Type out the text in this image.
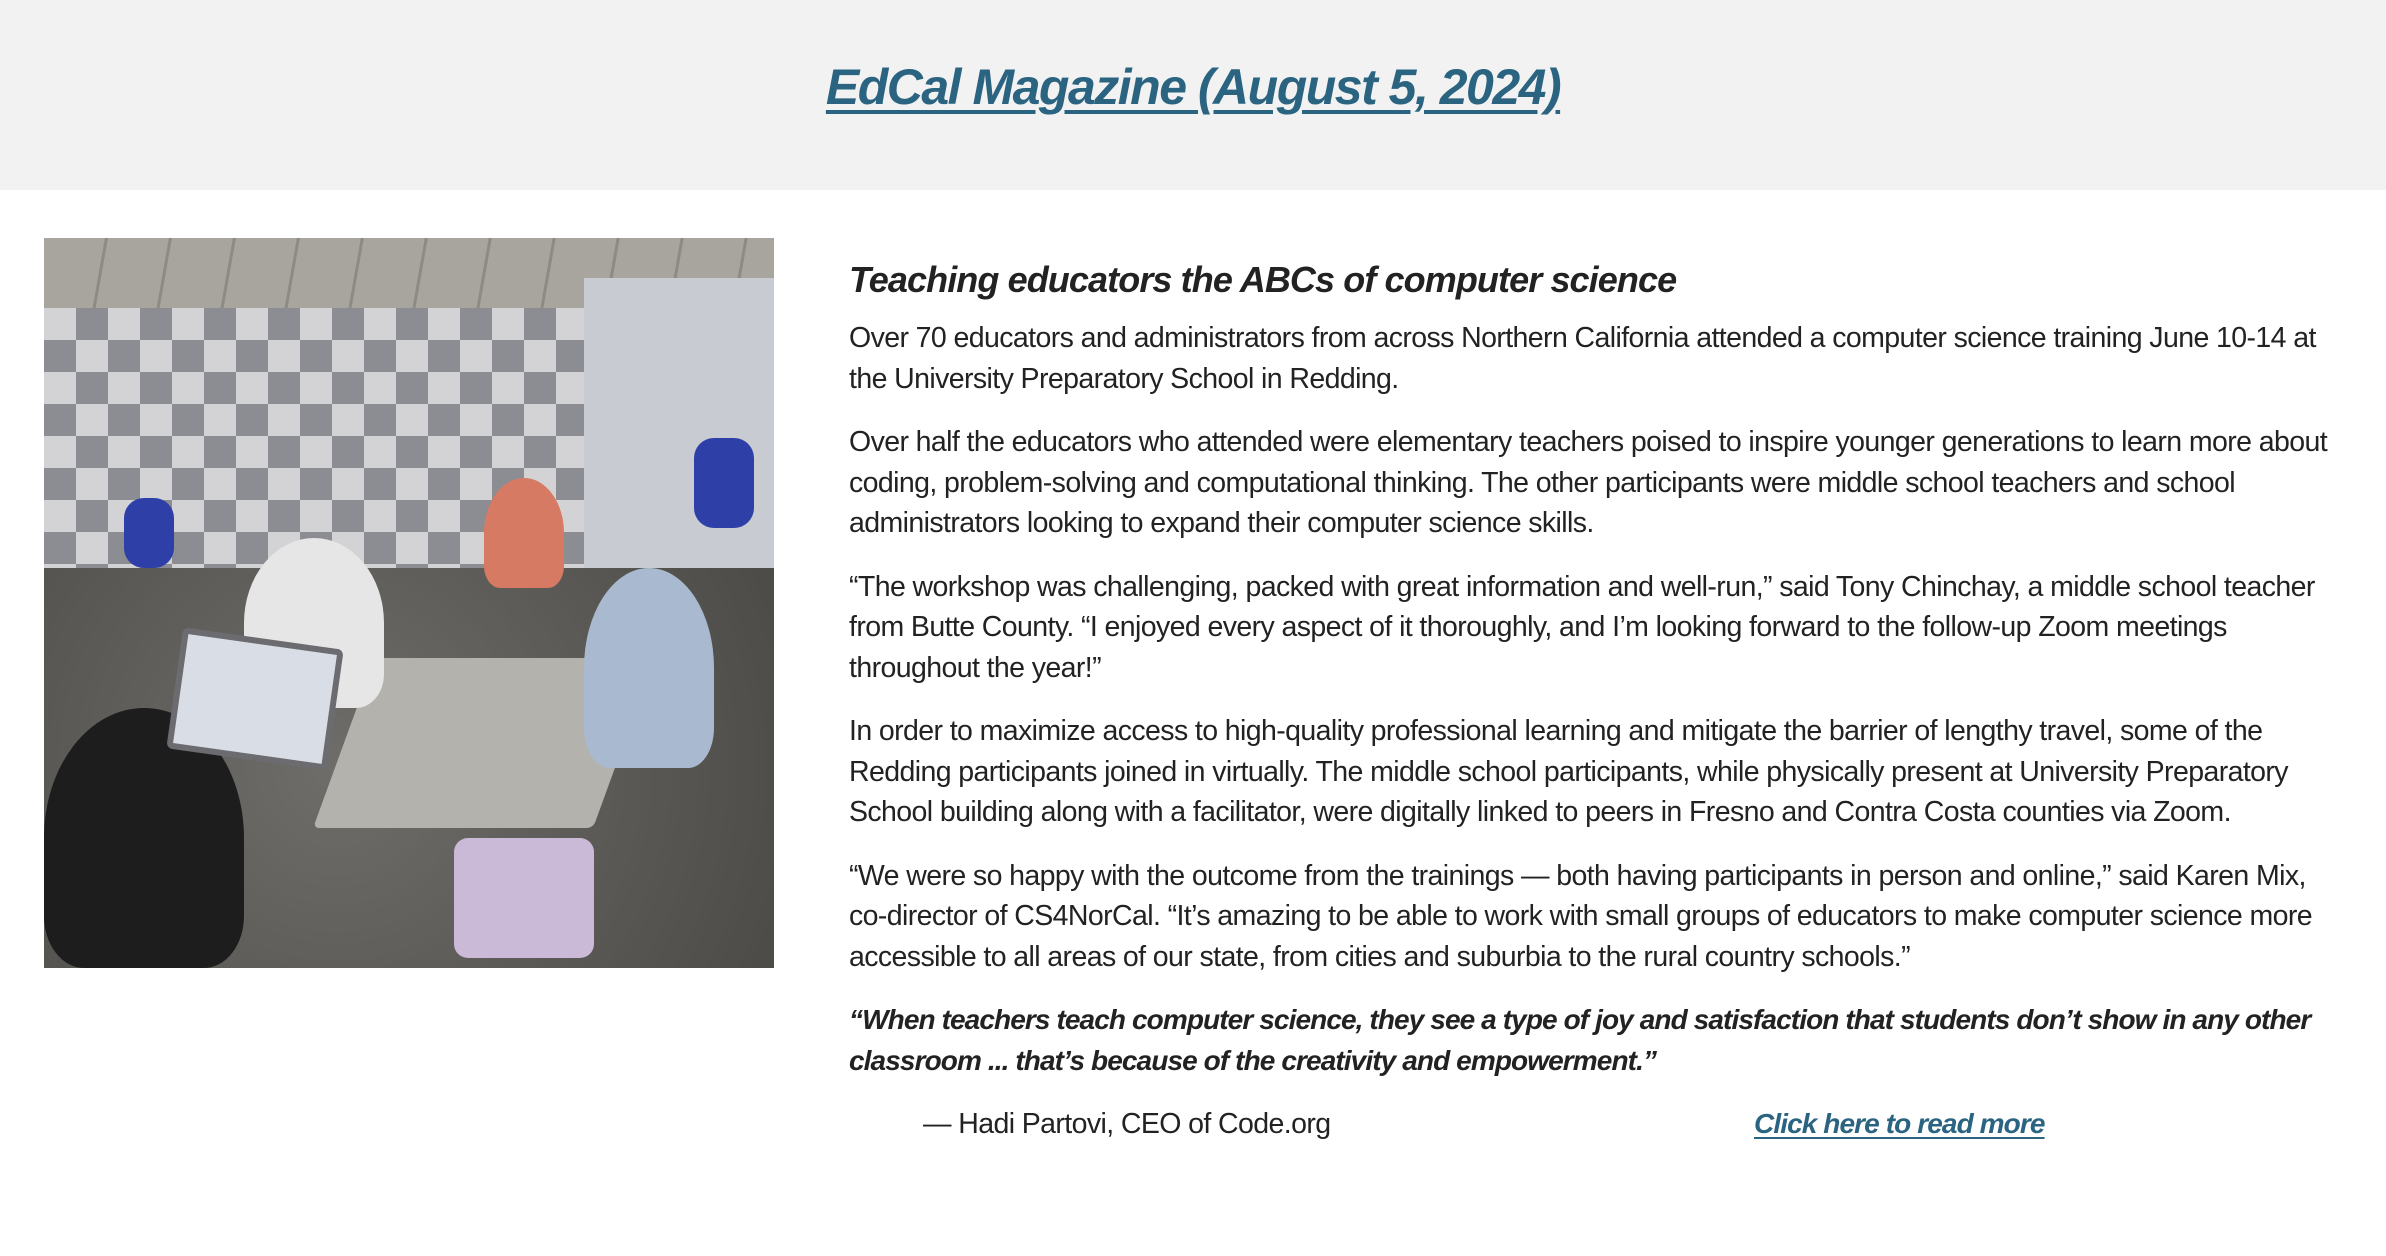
EdCal Magazine (August 5, 2024)
Teaching educators the ABCs of computer science

Over 70 educators and administrators from across Northern California attended a computer science training June 10-14 at the University Preparatory School in Redding.

Over half the educators who attended were elementary teachers poised to inspire younger generations to learn more about coding, problem-solving and computational thinking. The other participants were middle school teachers and school administrators looking to expand their computer science skills.

“The workshop was challenging, packed with great information and well-run,” said Tony Chinchay, a middle school teacher from Butte County. “I enjoyed every aspect of it thoroughly, and I’m looking forward to the follow-up Zoom meetings throughout the year!”

In order to maximize access to high-quality professional learning and mitigate the barrier of lengthy travel, some of the Redding participants joined in virtually. The middle school participants, while physically present at University Preparatory School building along with a facilitator, were digitally linked to peers in Fresno and Contra Costa counties via Zoom.

“We were so happy with the outcome from the trainings — both having participants in person and online,” said Karen Mix, co-director of CS4NorCal. “It’s amazing to be able to work with small groups of educators to make computer science more accessible to all areas of our state, from cities and suburbia to the rural country schools.”

“When teachers teach computer science, they see a type of joy and satisfaction that students don’t show in any other classroom ... that’s because of the creativity and empowerment.”

— Hadi Partovi, CEO of Code.org	Click here to read more
